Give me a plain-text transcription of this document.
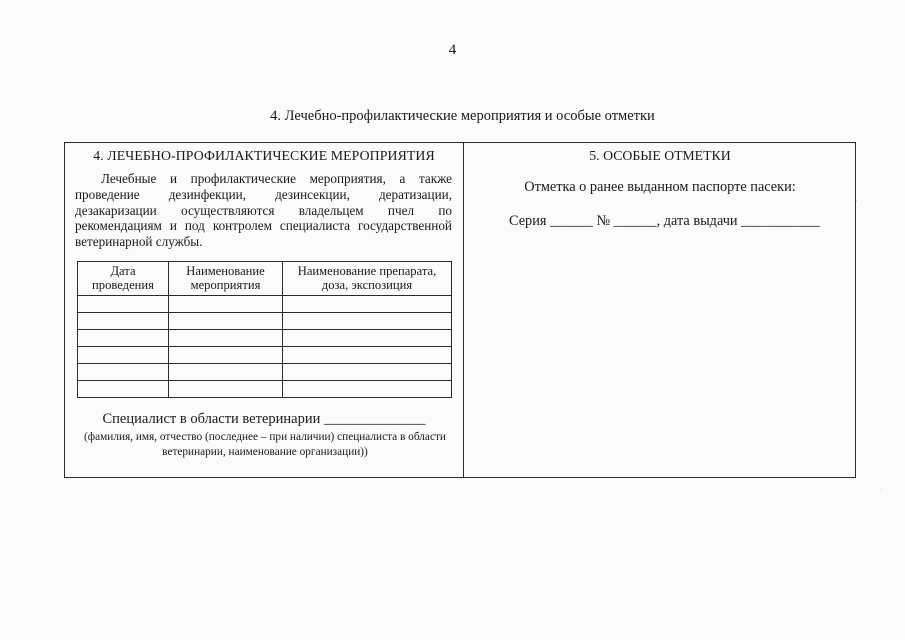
4
4. Лечебно-профилактические мероприятия и особые отметки
4. ЛЕЧЕБНО-ПРОФИЛАКТИЧЕСКИЕ МЕРОПРИЯТИЯ
Лечебные и профилактические мероприятия, а также проведение дезинфекции, дезинсекции, дератизации, дезакаризации осуществляются владельцем пчел по рекомендациям и под контролем специалиста государственной ветеринарной службы.
Дата проведения	Наименование мероприятия	Наименование препарата, доза, экспозиция

Специалист в области ветеринарии ______________
(фамилия, имя, отчество (последнее – при наличии) специалиста в области ветеринарии, наименование организации))
5. ОСОБЫЕ ОТМЕТКИ
Отметка о ранее выданном паспорте пасеки:
Серия ______ № ______, дата выдачи ___________
·
·
